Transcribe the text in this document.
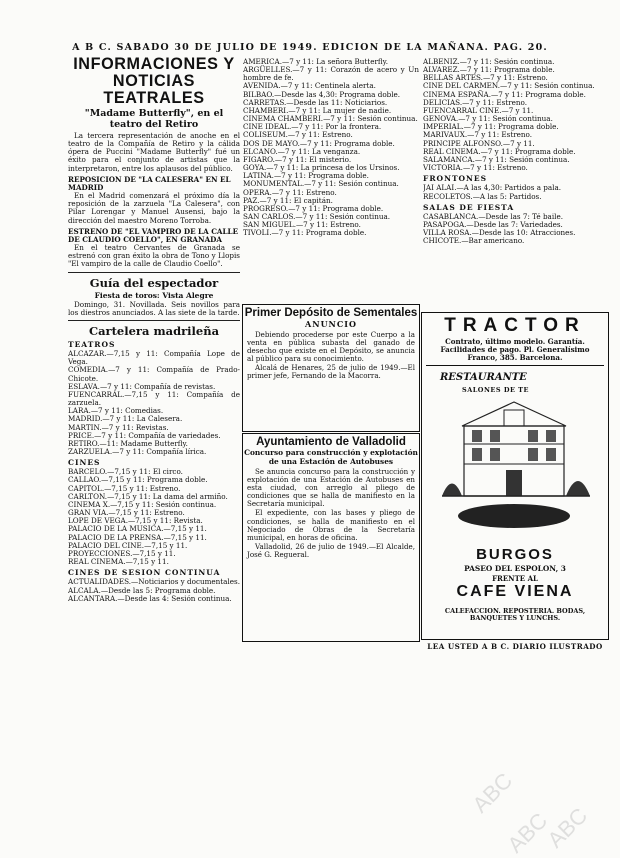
A B C. SABADO 30 DE JULIO DE 1949. EDICION DE LA MAÑANA. PAG. 20.

INFORMACIONES Y NOTICIAS TEATRALES

"Madame Butterfly", en el teatro del Retiro

La tercera representación de anoche en el teatro de la Compañía de Retiro y la cálida ópera de Puccini "Madame Butterfly" fué un éxito para el conjunto de artistas que la interpretaron, entre los aplausos del público.

REPOSICION DE "LA CALESERA" EN EL MADRID

En el Madrid comenzará el próximo día la reposición de la zarzuela "La Calesera", con Pilar Lorengar y Manuel Ausensi, bajo la dirección del maestro Moreno Torroba.

ESTRENO DE "EL VAMPIRO DE LA CALLE DE CLAUDIO COELLO", EN GRANADA

En el teatro Cervantes de Granada se estrenó con gran éxito la obra de Tono y Llopis "El vampiro de la calle de Claudio Coello".

Guía del espectador

Fiesta de toros: Vista Alegre

Domingo, 31. Novillada. Seis novillos para los diestros anunciados. A las siete de la tarde.

Cartelera madrileña

TEATROS

ALCAZAR.—7,15 y 11: Compañía Lope de Vega.
COMEDIA.—7 y 11: Compañía de Prado-Chicote.
ESLAVA.—7 y 11: Compañía de revistas.
FUENCARRAL.—7,15 y 11: Compañía de zarzuela.
LARA.—7 y 11: Comedias.
MADRID.—7 y 11: La Calesera.
MARTIN.—7 y 11: Revistas.
PRICE.—7 y 11: Compañía de variedades.
RETIRO.—11: Madame Butterfly.
ZARZUELA.—7 y 11: Compañía lírica.

CINES

BARCELO.—7,15 y 11: El circo.
CALLAO.—7,15 y 11: Programa doble.
CAPITOL.—7,15 y 11: Estreno.
CARLTON.—7,15 y 11: La dama del armiño.
CINEMA X.—7,15 y 11: Sesión continua.
GRAN VIA.—7,15 y 11: Estreno.
LOPE DE VEGA.—7,15 y 11: Revista.
PALACIO DE LA MUSICA.—7,15 y 11.
PALACIO DE LA PRENSA.—7,15 y 11.
PALACIO DEL CINE.—7,15 y 11.
PROYECCIONES.—7,15 y 11.
REAL CINEMA.—7,15 y 11.

CINES DE SESION CONTINUA

ACTUALIDADES.—Noticiarios y documentales.
ALCALA.—Desde las 5: Programa doble.
ALCANTARA.—Desde las 4: Sesión continua.

AMERICA.—7 y 11: La señora Butterfly.
ARGÜELLES.—7 y 11: Corazón de acero y Un hombre de fe.
AVENIDA.—7 y 11: Centinela alerta.
BILBAO.—Desde las 4,30: Programa doble.
CARRETAS.—Desde las 11: Noticiarios.
CHAMBERI.—7 y 11: La mujer de nadie.
CINEMA CHAMBERI.—7 y 11: Sesión continua.
CINE IDEAL.—7 y 11: Por la frontera.
COLISEUM.—7 y 11: Estreno.
DOS DE MAYO.—7 y 11: Programa doble.
ELCANO.—7 y 11: La venganza.
FIGARO.—7 y 11: El misterio.
GOYA.—7 y 11: La princesa de los Ursinos.
LATINA.—7 y 11: Programa doble.
MONUMENTAL.—7 y 11: Sesión continua.
OPERA.—7 y 11: Estreno.
PAZ.—7 y 11: El capitán.
PROGRESO.—7 y 11: Programa doble.
SAN CARLOS.—7 y 11: Sesión continua.
SAN MIGUEL.—7 y 11: Estreno.
TIVOLI.—7 y 11: Programa doble.

ALBENIZ.—7 y 11: Sesión continua.
ALVAREZ.—7 y 11: Programa doble.
BELLAS ARTES.—7 y 11: Estreno.
CINE DEL CARMEN.—7 y 11: Sesión continua.
CINEMA ESPAÑA.—7 y 11: Programa doble.
DELICIAS.—7 y 11: Estreno.
FUENCARRAL CINE.—7 y 11.
GENOVA.—7 y 11: Sesión continua.
IMPERIAL.—7 y 11: Programa doble.
MARIVAUX.—7 y 11: Estreno.
PRINCIPE ALFONSO.—7 y 11.
REAL CINEMA.—7 y 11: Programa doble.
SALAMANCA.—7 y 11: Sesión continua.
VICTORIA.—7 y 11: Estreno.

FRONTONES

JAI ALAI.—A las 4,30: Partidos a pala.
RECOLETOS.—A las 5: Partidos.

SALAS DE FIESTA

CASABLANCA.—Desde las 7: Té baile.
PASAPOGA.—Desde las 7: Variedades.
VILLA ROSA.—Desde las 10: Atracciones.
CHICOTE.—Bar americano.

Primer Depósito de Sementales

ANUNCIO

Debiendo procederse por este Cuerpo a la venta en pública subasta del ganado de desecho que existe en el Depósito, se anuncia al público para su conocimiento.

Alcalá de Henares, 25 de julio de 1949.—El primer jefe, Fernando de la Macorra.

Ayuntamiento de Valladolid

Concurso para construcción y explotación de una Estación de Autobuses

Se anuncia concurso para la construcción y explotación de una Estación de Autobuses en esta ciudad, con arreglo al pliego de condiciones que se halla de manifiesto en la Secretaría municipal.

El expediente, con las bases y pliego de condiciones, se halla de manifiesto en el Negociado de Obras de la Secretaría municipal, en horas de oficina.

Valladolid, 26 de julio de 1949.—El Alcalde, José G. Regueral.

TRACTOR

Contrato, último modelo. Garantía. Facilidades de pago. Pl. Generalísimo Franco, 385. Barcelona.

RESTAURANTE
SALONES DE TE

BURGOS

PASEO DEL ESPOLON, 3

FRENTE AL

CAFE VIENA

CALEFACCION. REPOSTERIA. BODAS, BANQUETES Y LUNCHS.

LEA USTED A B C. DIARIO ILUSTRADO
ABC
ABC
ABC
